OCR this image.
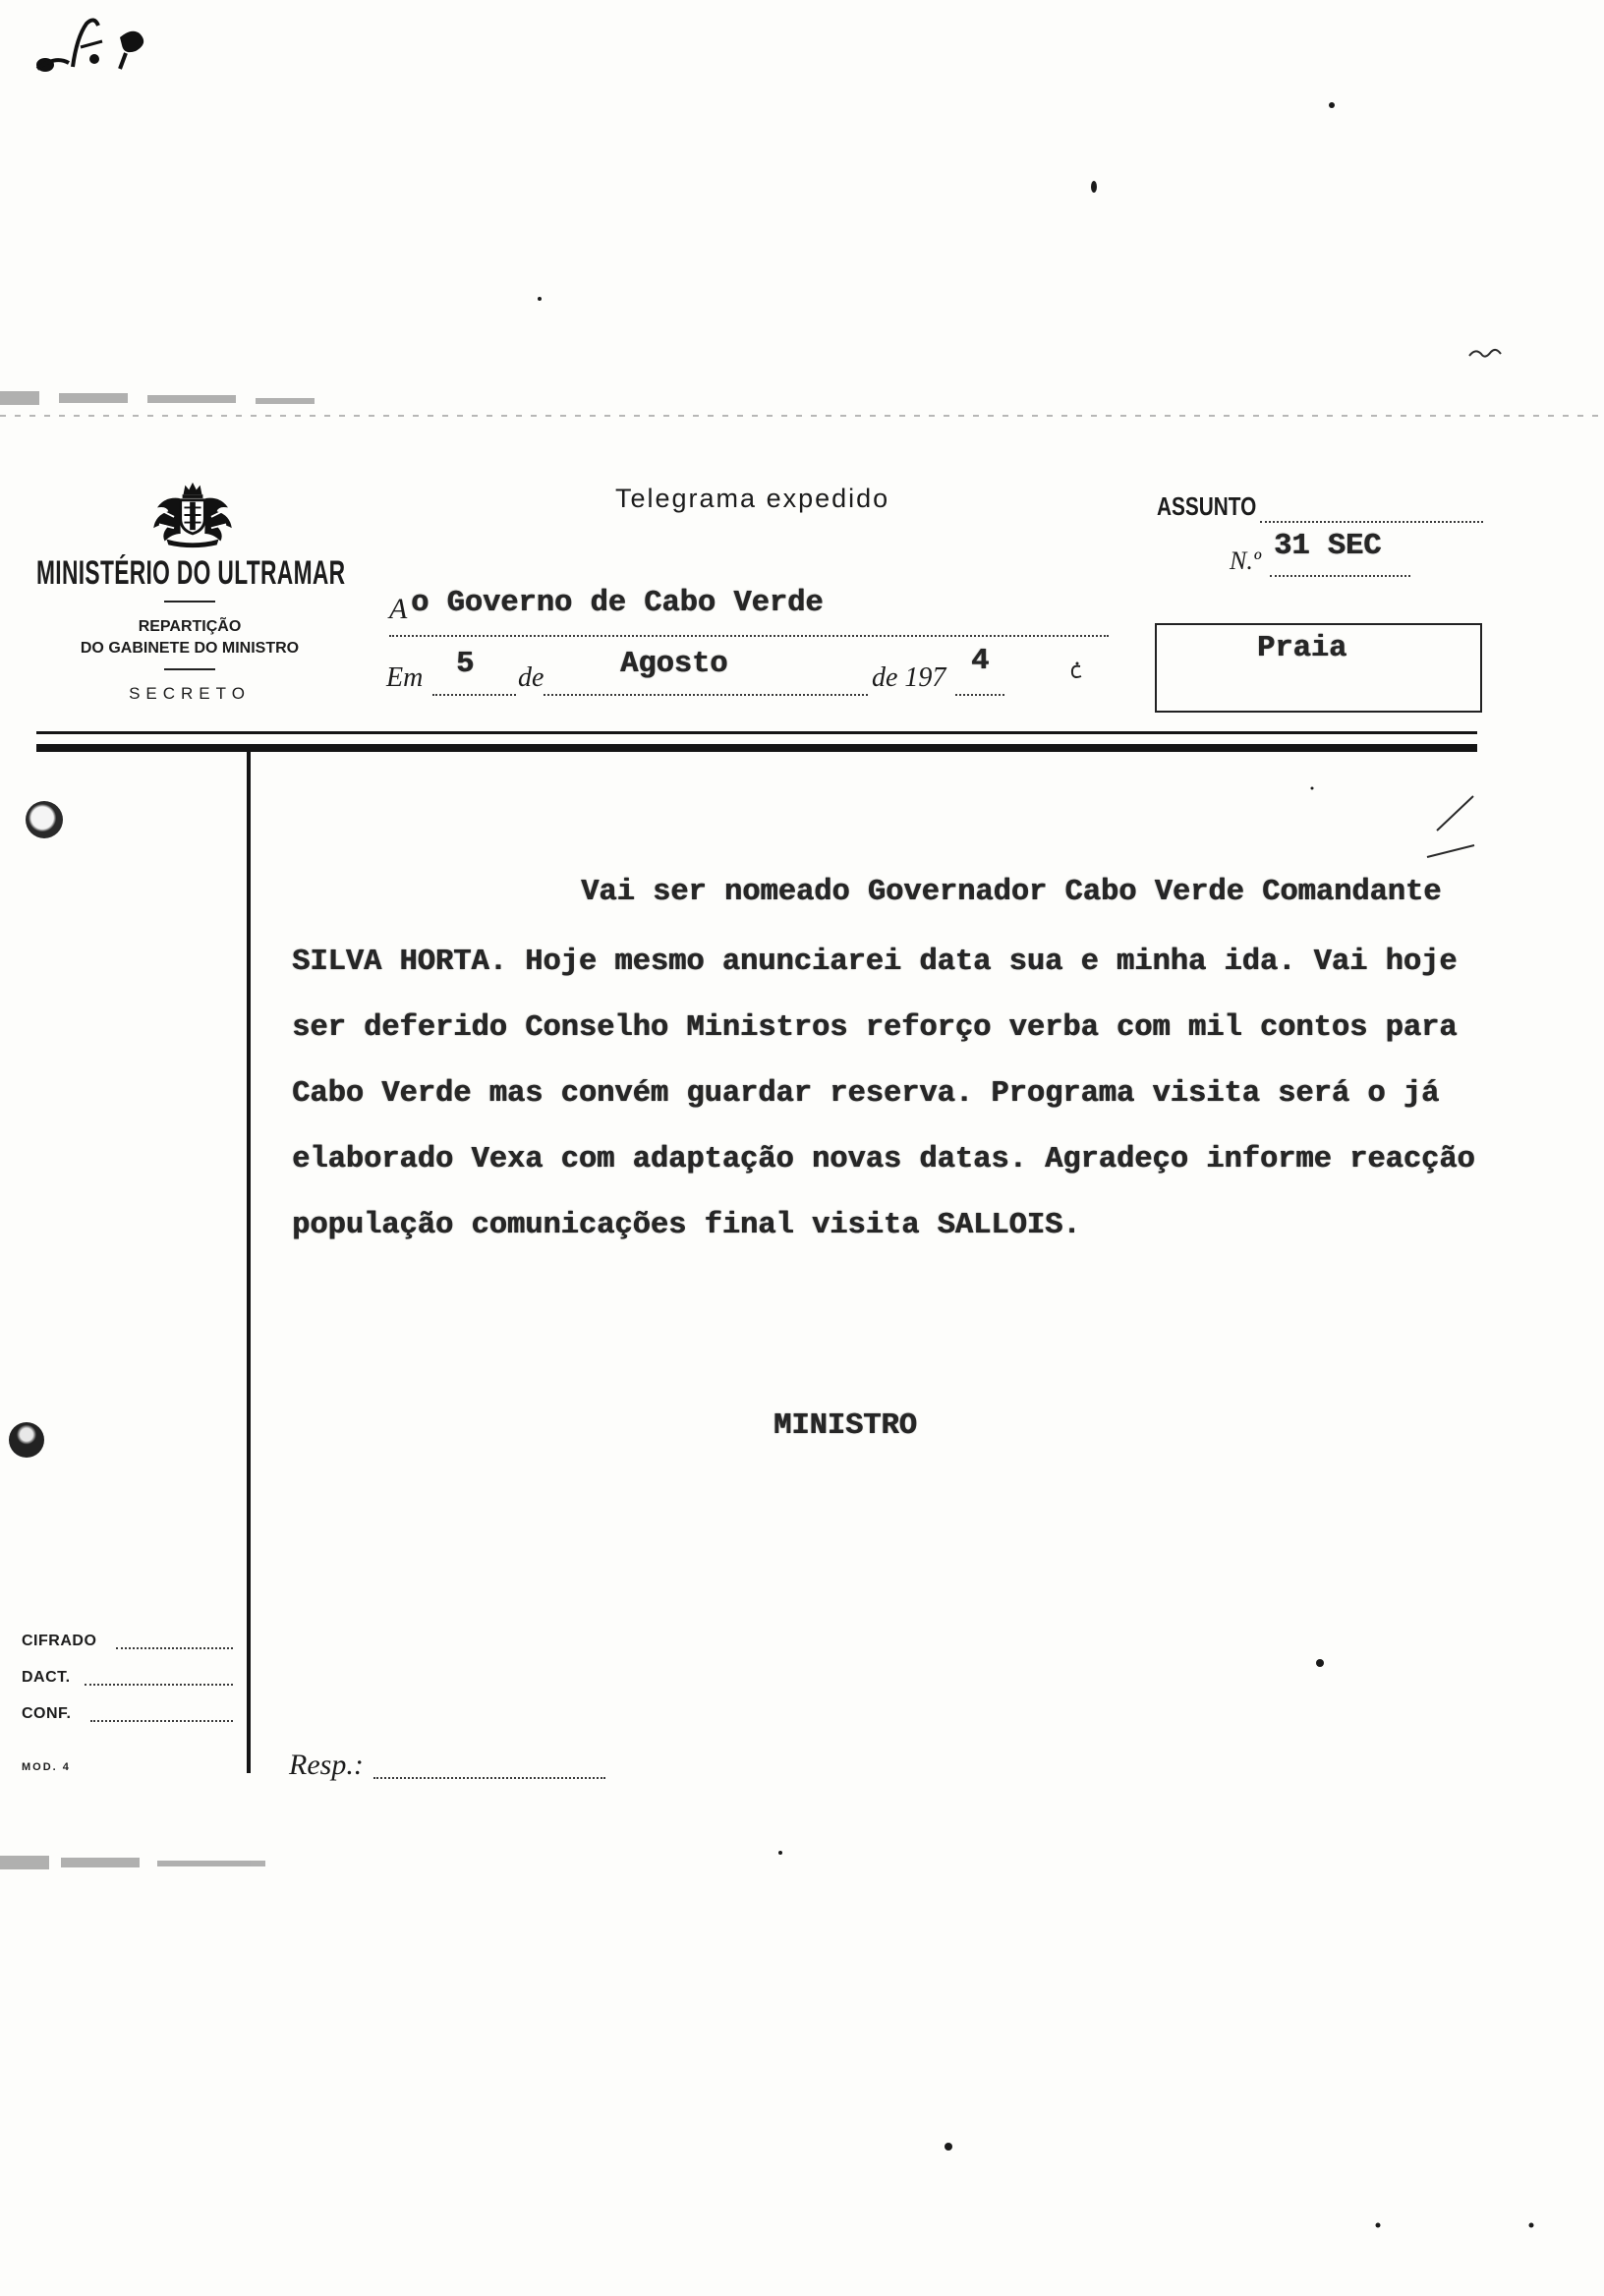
MINISTÉRIO DO ULTRAMAR
REPARTIÇÃO
DO GABINETE DO MINISTRO
SECRETO
Telegrama expedido	ASSUNTO
N.º 31 SEC
A o Governo de Cabo Verde
Praia
Em 5 de	Agosto	de 197 4
Vai ser nomeado Governador Cabo Verde Comandante
SILVA HORTA. Hoje mesmo anunciarei data sua e minha ida. Vai hoje
ser deferido Conselho Ministros reforço verba com mil contos para
Cabo Verde mas convém guardar reserva. Programa visita será o já
elaborado Vexa com adaptação novas datas. Agradeço informe reacção
população comunicações final visita SALLOIS.
MINISTRO
CIFRADO
DACT.
CONF.
MOD. 4	Resp.:
